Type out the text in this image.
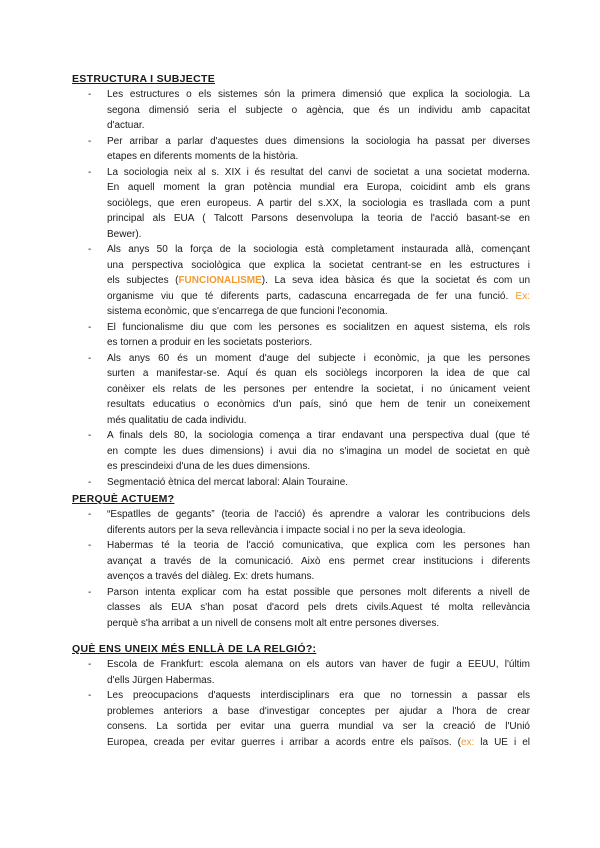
ESTRUCTURA I SUBJECTE
- Les estructures o els sistemes són la primera dimensió que explica la sociologia. La
segona dimensió seria el subjecte o agència, que és un individu amb capacitat
d'actuar.
- Per arribar a parlar d'aquestes dues dimensions la sociologia ha passat per diverses
etapes en diferents moments de la història.
- La sociologia neix al s. XIX i és resultat del canvi de societat a una societat moderna.
En aquell moment la gran potència mundial era Europa, coicidint amb els grans
sociòlegs, que eren europeus. A partir del s.XX, la sociologia es trasllada com a punt
principal als EUA ( Talcott Parsons desenvolupa la teoria de l'acció basant-se en
Bewer).
- Als anys 50 la força de la sociologia està completament instaurada allà, començant
una perspectiva sociològica que explica la societat centrant-se en les estructures i
els subjectes (FUNCIONALISME). La seva idea bàsica és que la societat és com un
organisme viu que té diferents parts, cadascuna encarregada de fer una funció. Ex:
sistema econòmic, que s'encarrega de que funcioni l'economia.
- El funcionalisme diu que com les persones es socialitzen en aquest sistema, els rols
es tornen a produir en les societats posteriors.
- Als anys 60 és un moment d'auge del subjecte i econòmic, ja que les persones
surten a manifestar-se. Aquí és quan els sociòlegs incorporen la idea de que cal
conèixer els relats de les persones per entendre la societat, i no únicament veient
resultats educatius o econòmics d'un país, sinó que hem de tenir un coneixement
més qualitatiu de cada individu.
- A finals dels 80, la sociologia comença a tirar endavant una perspectiva dual (que té
en compte les dues dimensions) i avui dia no s'imagina un model de societat en què
es prescindeixi d'una de les dues dimensions.
- Segmentació ètnica del mercat laboral: Alain Touraine.
PERQUÈ ACTUEM?
- “Espatlles de gegants” (teoria de l'acció) és aprendre a valorar les contribucions dels
diferents autors per la seva rellevància i impacte social i no per la seva ideologia.
- Habermas té la teoria de l'acció comunicativa, que explica com les persones han
avançat a través de la comunicació. Això ens permet crear institucions i diferents
avenços a través del diàleg. Ex: drets humans.
- Parson intenta explicar com ha estat possible que persones molt diferents a nivell de
classes als EUA s'han posat d'acord pels drets civils.Aquest té molta rellevància
perquè s'ha arribat a un nivell de consens molt alt entre persones diverses.
QUÈ ENS UNEIX MÉS ENLLÀ DE LA RELGIÓ?:
- Escola de Frankfurt: escola alemana on els autors van haver de fugir a EEUU, l'últim
d'ells Jürgen Habermas.
- Les preocupacions d'aquests interdisciplinars era que no tornessin a passar els
problemes anteriors a base d'investigar conceptes per ajudar a l'hora de crear
consens. La sortida per evitar una guerra mundial va ser la creació de l'Unió
Europea, creada per evitar guerres i arribar a acords entre els països. (ex: la UE i el
